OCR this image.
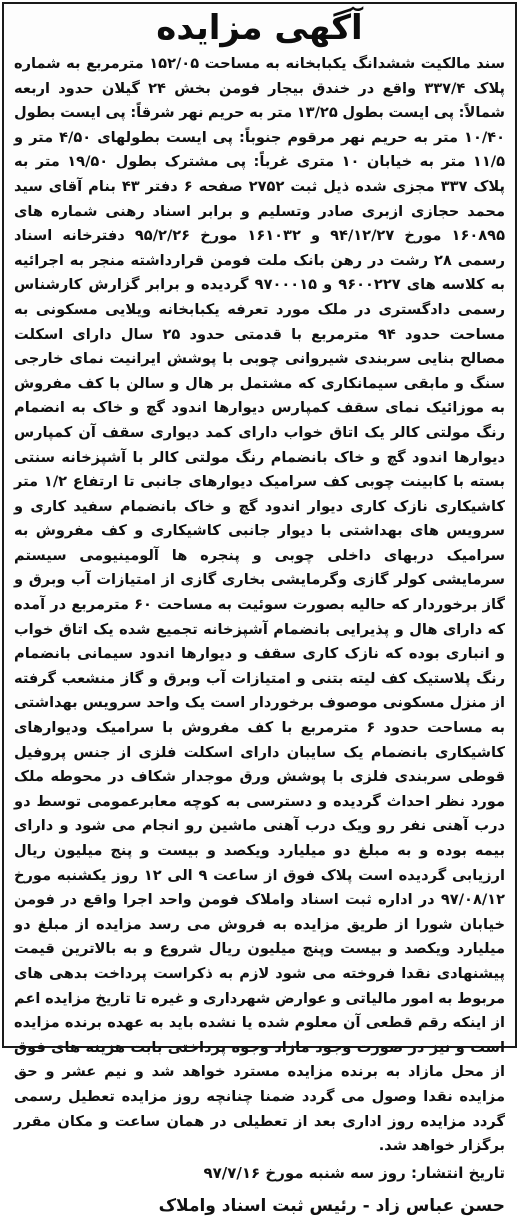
آگهی مزایده
سند مالکیت ششدانگ یکبابخانه به مساحت ۱۵۲/۰۵ مترمربع به شماره پلاک ۳۳۷/۴ واقع در خندق بیجار فومن بخش ۲۴ گیلان حدود اربعه شمالاً: پی ایست بطول ۱۳/۲۵ متر به حریم نهر شرقاً: پی ایست بطول ۱۰/۴۰ متر به حریم نهر مرقوم جنوباً: پی ایست بطولهای ۴/۵۰ متر و ۱۱/۵ متر به خیابان ۱۰ متری غرباً: پی مشترک بطول ۱۹/۵۰ متر به پلاک ۳۳۷ مجزی شده ذیل ثبت ۲۷۵۲ صفحه ۶ دفتر ۴۳ بنام آقای سید محمد حجازی ازبری صادر وتسلیم و برابر اسناد رهنی شماره های ۱۶۰۸۹۵ مورخ ۹۴/۱۲/۲۷ و ۱۶۱۰۳۲ مورخ ۹۵/۲/۲۶ دفترخانه اسناد رسمی ۲۸ رشت در رهن بانک ملت فومن قرارداشته منجر به اجرائیه به کلاسه های ۹۶۰۰۲۲۷ و ۹۷۰۰۰۱۵ گردیده و برابر گزارش کارشناس رسمی دادگستری در ملک مورد تعرفه یکبابخانه ویلایی مسکونی به مساحت حدود ۹۴ مترمربع با قدمتی حدود ۲۵ سال دارای اسکلت مصالح بنایی سربندی شیروانی چوبی با پوشش ایرانیت نمای خارجی سنگ و مابقی سیمانکاری که مشتمل بر هال و سالن با کف مفروش به موزائیک نمای سقف کمپارس دیوارها اندود گچ و خاک به انضمام رنگ مولتی کالر یک اتاق خواب دارای کمد دیواری سقف آن کمپارس دیوارها اندود گچ و خاک بانضمام رنگ مولتی کالر با آشپزخانه سنتی بسته با کابینت چوبی کف سرامیک دیوارهای جانبی تا ارتفاع ۱/۲ متر کاشیکاری نازک کاری دیوار اندود گچ و خاک بانضمام سفید کاری و سرویس های بهداشتی با دیوار جانبی کاشیکاری و کف مفروش به سرامیک دربهای داخلی چوبی و پنجره ها آلومینیومی سیستم سرمایشی کولر گازی وگرمایشی بخاری گازی از امتیازات آب وبرق و گاز برخوردار که حالیه بصورت سوئیت به مساحت ۶۰ مترمربع در آمده که دارای هال و پذیرایی بانضمام آشپزخانه تجمیع شده یک اتاق خواب و انباری بوده که نازک کاری سقف و دیوارها اندود سیمانی بانضمام رنگ پلاستیک کف لیته بتنی و امتیازات آب وبرق و گاز منشعب گرفته از منزل مسکونی موصوف برخوردار است یک واحد سرویس بهداشتی به مساحت حدود ۶ مترمربع با کف مفروش با سرامیک ودیوارهای کاشیکاری بانضمام یک سایبان دارای اسکلت فلزی از جنس پروفیل قوطی سربندی فلزی با پوشش ورق موجدار شکاف در محوطه ملک مورد نظر احداث گردیده و دسترسی به کوچه معابرعمومی توسط دو درب آهنی نفر رو ویک درب آهنی ماشین رو انجام می شود و دارای بیمه بوده و به مبلغ دو میلیارد ویکصد و بیست و پنج میلیون ریال ارزیابی گردیده است پلاک فوق از ساعت ۹ الی ۱۲ روز یکشنبه مورخ ۹۷/۰۸/۱۲ در اداره ثبت اسناد واملاک فومن واحد اجرا واقع در فومن خیابان شورا از طریق مزایده به فروش می رسد مزایده از مبلغ دو میلیارد ویکصد و بیست وپنج میلیون ریال شروع و به بالاترین قیمت پیشنهادی نقدا فروخته می شود لازم به ذکراست پرداخت بدهی های مربوط به امور مالیاتی و عوارض شهرداری و غیره تا تاریخ مزایده اعم از اینکه رقم قطعی آن معلوم شده یا نشده باید به عهده برنده مزایده است و نیز در صورت وجود مازاد وجوه پرداختی بابت هزینه های فوق از محل مازاد به برنده مزایده مسترد خواهد شد و نیم عشر و حق مزایده نقدا وصول می گردد ضمنا چنانچه روز مزایده تعطیل رسمی گردد مزایده روز اداری بعد از تعطیلی در همان ساعت و مکان مقرر برگزار خواهد شد.
تاریخ انتشار: روز سه شنبه مورخ ۹۷/۷/۱۶
حسن عباس زاد - رئیس ثبت اسناد واملاک
